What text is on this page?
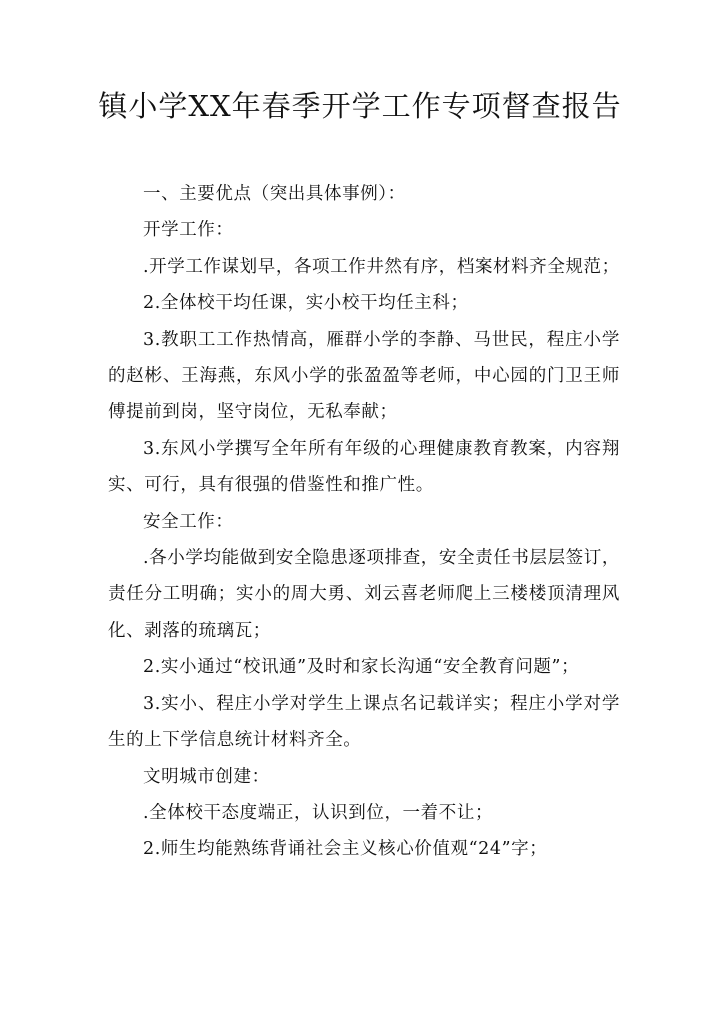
镇小学XX年春季开学工作专项督查报告

一、主要优点（突出具体事例）：

开学工作：

.开学工作谋划早，各项工作井然有序，档案材料齐全规范；

2.全体校干均任课，实小校干均任主科；

3.教职工工作热情高，雁群小学的李静、马世民，程庄小学的赵彬、王海燕，东风小学的张盈盈等老师，中心园的门卫王师傅提前到岗，坚守岗位，无私奉献；

3.东风小学撰写全年所有年级的心理健康教育教案，内容翔实、可行，具有很强的借鉴性和推广性。

安全工作：

.各小学均能做到安全隐患逐项排查，安全责任书层层签订，责任分工明确；实小的周大勇、刘云喜老师爬上三楼楼顶清理风化、剥落的琉璃瓦；

2.实小通过“校讯通”及时和家长沟通“安全教育问题”；

3.实小、程庄小学对学生上课点名记载详实；程庄小学对学生的上下学信息统计材料齐全。

文明城市创建：

.全体校干态度端正，认识到位，一着不让；

2.师生均能熟练背诵社会主义核心价值观“24”字；
